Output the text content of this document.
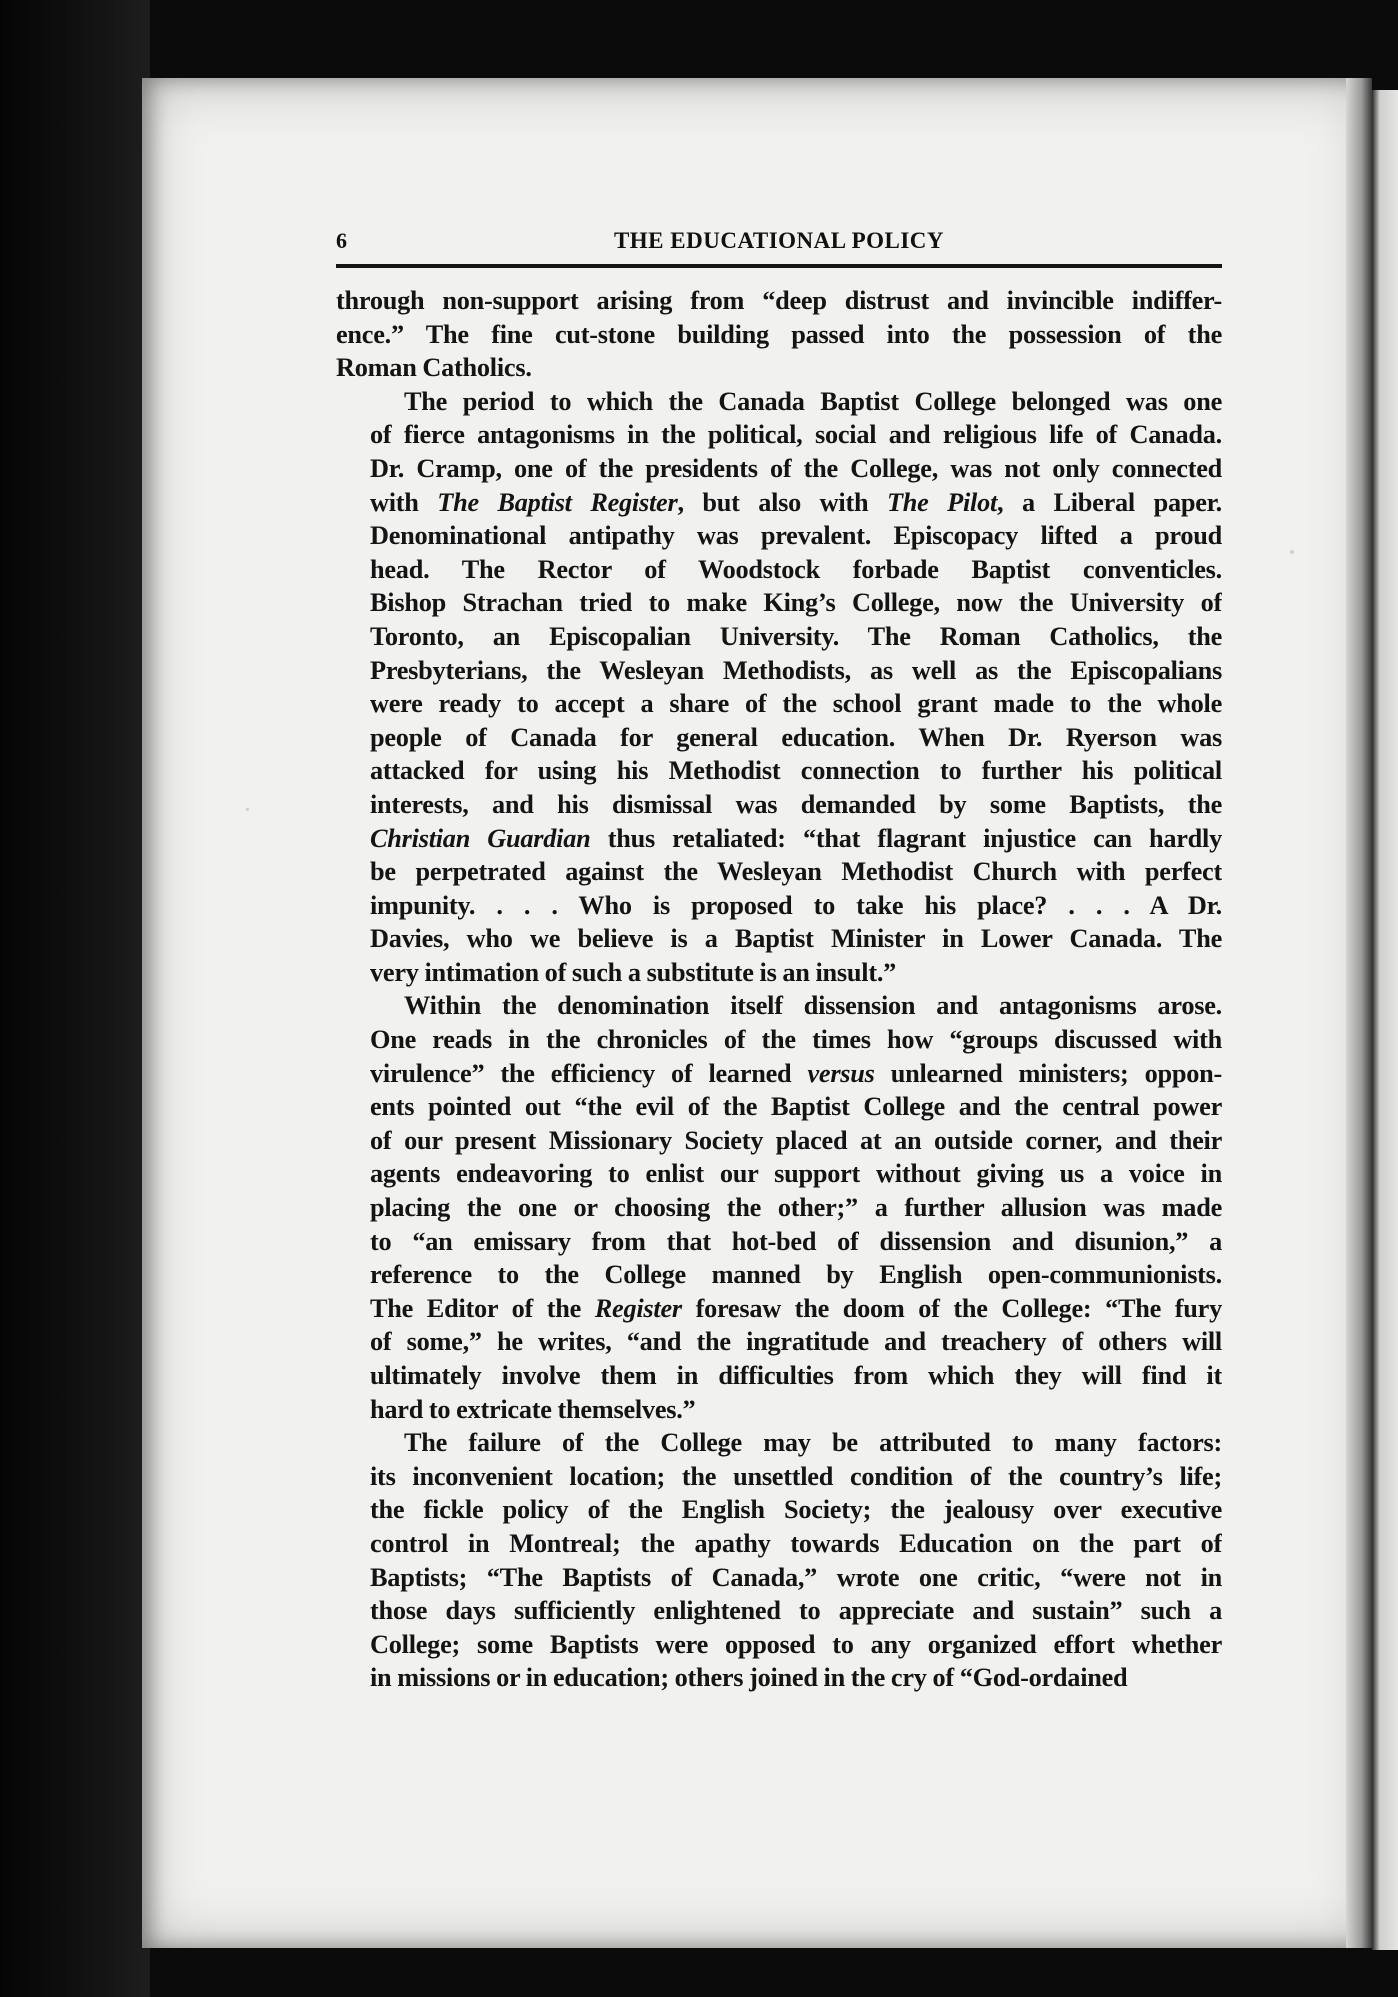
6	THE EDUCATIONAL POLICY

through non-support arising from “deep distrust and invincible indiffer-
ence.” The fine cut-stone building passed into the possession of the
Roman Catholics.

The period to which the Canada Baptist College belonged was one
of fierce antagonisms in the political, social and religious life of Canada.
Dr. Cramp, one of the presidents of the College, was not only connected
with The Baptist Register, but also with The Pilot, a Liberal paper.
Denominational antipathy was prevalent. Episcopacy lifted a proud
head. The Rector of Woodstock forbade Baptist conventicles.
Bishop Strachan tried to make King’s College, now the University of
Toronto, an Episcopalian University. The Roman Catholics, the
Presbyterians, the Wesleyan Methodists, as well as the Episcopalians
were ready to accept a share of the school grant made to the whole
people of Canada for general education. When Dr. Ryerson was
attacked for using his Methodist connection to further his political
interests, and his dismissal was demanded by some Baptists, the
Christian Guardian thus retaliated: “that flagrant injustice can hardly
be perpetrated against the Wesleyan Methodist Church with perfect
impunity. . . . Who is proposed to take his place? . . . A Dr.
Davies, who we believe is a Baptist Minister in Lower Canada. The
very intimation of such a substitute is an insult.”

Within the denomination itself dissension and antagonisms arose.
One reads in the chronicles of the times how “groups discussed with
virulence” the efficiency of learned versus unlearned ministers; oppon-
ents pointed out “the evil of the Baptist College and the central power
of our present Missionary Society placed at an outside corner, and their
agents endeavoring to enlist our support without giving us a voice in
placing the one or choosing the other;” a further allusion was made
to “an emissary from that hot-bed of dissension and disunion,” a
reference to the College manned by English open-communionists.
The Editor of the Register foresaw the doom of the College: “The fury
of some,” he writes, “and the ingratitude and treachery of others will
ultimately involve them in difficulties from which they will find it
hard to extricate themselves.”

The failure of the College may be attributed to many factors:
its inconvenient location; the unsettled condition of the country’s life;
the fickle policy of the English Society; the jealousy over executive
control in Montreal; the apathy towards Education on the part of
Baptists; “The Baptists of Canada,” wrote one critic, “were not in
those days sufficiently enlightened to appreciate and sustain” such a
College; some Baptists were opposed to any organized effort whether
in missions or in education; others joined in the cry of “God-ordained
